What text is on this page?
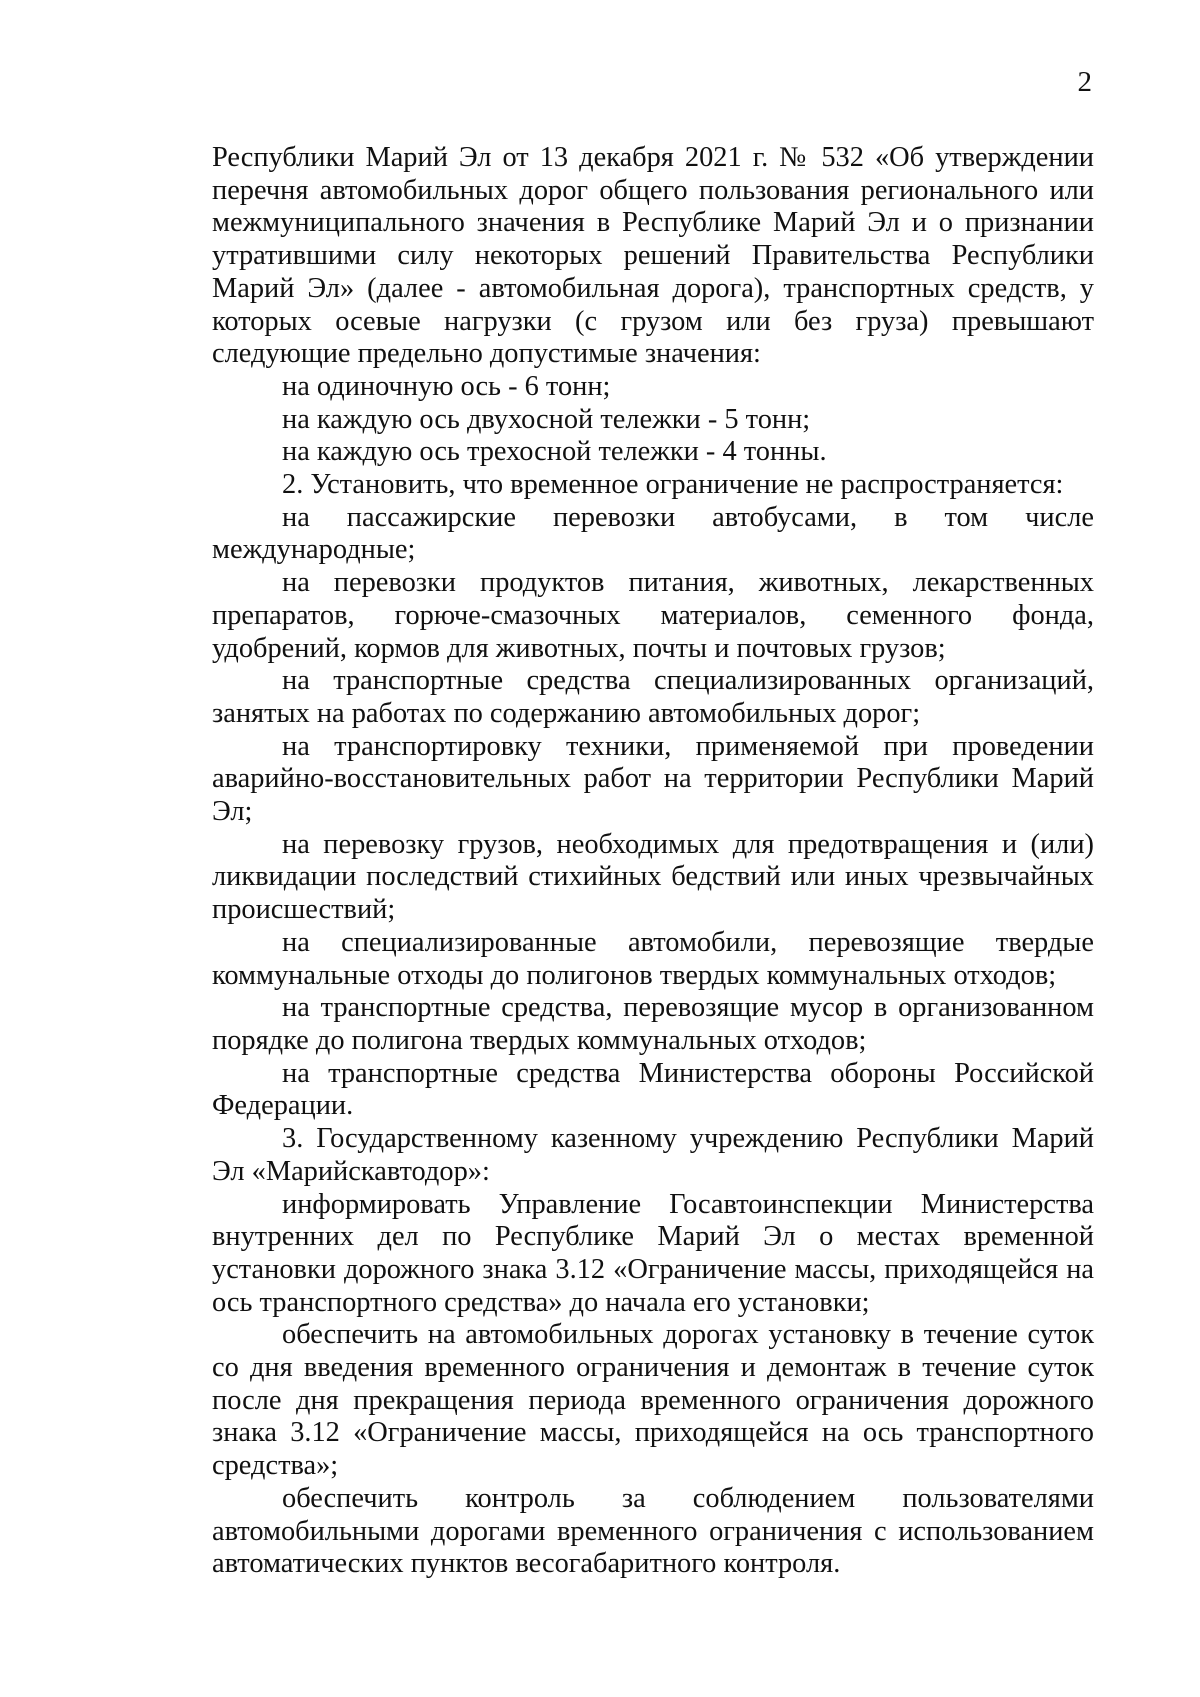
2

Республики Марий Эл от 13 декабря 2021 г. № 532 «Об утверждении перечня автомобильных дорог общего пользования регионального или межмуниципального значения в Республике Марий Эл и о признании утратившими силу некоторых решений Правительства Республики Марий Эл» (далее - автомобильная дорога), транспортных средств, у которых осевые нагрузки (с грузом или без груза) превышают следующие предельно допустимые значения:

на одиночную ось - 6 тонн;

на каждую ось двухосной тележки - 5 тонн;

на каждую ось трехосной тележки - 4 тонны.

2. Установить, что временное ограничение не распространяется:

на пассажирские перевозки автобусами, в том числе международные;

на перевозки продуктов питания, животных, лекарственных препаратов, горюче-смазочных материалов, семенного фонда, удобрений, кормов для животных, почты и почтовых грузов;

на транспортные средства специализированных организаций, занятых на работах по содержанию автомобильных дорог;

на транспортировку техники, применяемой при проведении аварийно-восстановительных работ на территории Республики Марий Эл;

на перевозку грузов, необходимых для предотвращения и (или) ликвидации последствий стихийных бедствий или иных чрезвычайных происшествий;

на специализированные автомобили, перевозящие твердые коммунальные отходы до полигонов твердых коммунальных отходов;

на транспортные средства, перевозящие мусор в организованном порядке до полигона твердых коммунальных отходов;

на транспортные средства Министерства обороны Российской Федерации.

3. Государственному казенному учреждению Республики Марий Эл «Марийскавтодор»:

информировать Управление Госавтоинспекции Министерства внутренних дел по Республике Марий Эл о местах временной установки дорожного знака 3.12 «Ограничение массы, приходящейся на ось транспортного средства» до начала его установки;

обеспечить на автомобильных дорогах установку в течение суток со дня введения временного ограничения и демонтаж в течение суток после дня прекращения периода временного ограничения дорожного знака 3.12 «Ограничение массы, приходящейся на ось транспортного средства»;

обеспечить контроль за соблюдением пользователями автомобильными дорогами временного ограничения с использованием автоматических пунктов весогабаритного контроля.
